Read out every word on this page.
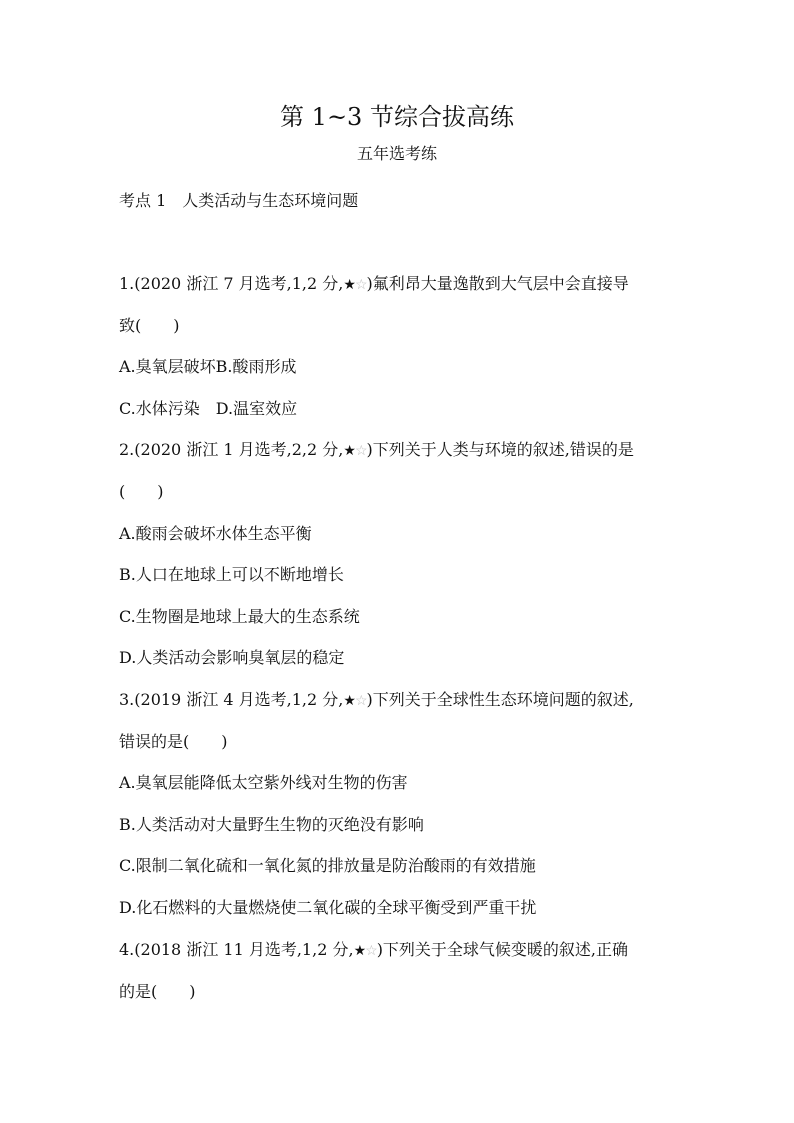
第 1~3 节综合拔高练
五年选考练
考点 1　人类活动与生态环境问题
1.(2020 浙江 7 月选考,1,2 分,★☆)氟利昂大量逸散到大气层中会直接导
致(　　)
A.臭氧层破坏B.酸雨形成
C.水体污染　D.温室效应
2.(2020 浙江 1 月选考,2,2 分,★☆)下列关于人类与环境的叙述,错误的是
(　　)
A.酸雨会破坏水体生态平衡
B.人口在地球上可以不断地增长
C.生物圈是地球上最大的生态系统
D.人类活动会影响臭氧层的稳定
3.(2019 浙江 4 月选考,1,2 分,★☆)下列关于全球性生态环境问题的叙述,
错误的是(　　)
A.臭氧层能降低太空紫外线对生物的伤害
B.人类活动对大量野生生物的灭绝没有影响
C.限制二氧化硫和一氧化氮的排放量是防治酸雨的有效措施
D.化石燃料的大量燃烧使二氧化碳的全球平衡受到严重干扰
4.(2018 浙江 11 月选考,1,2 分,★☆)下列关于全球气候变暖的叙述,正确
的是(　　)
